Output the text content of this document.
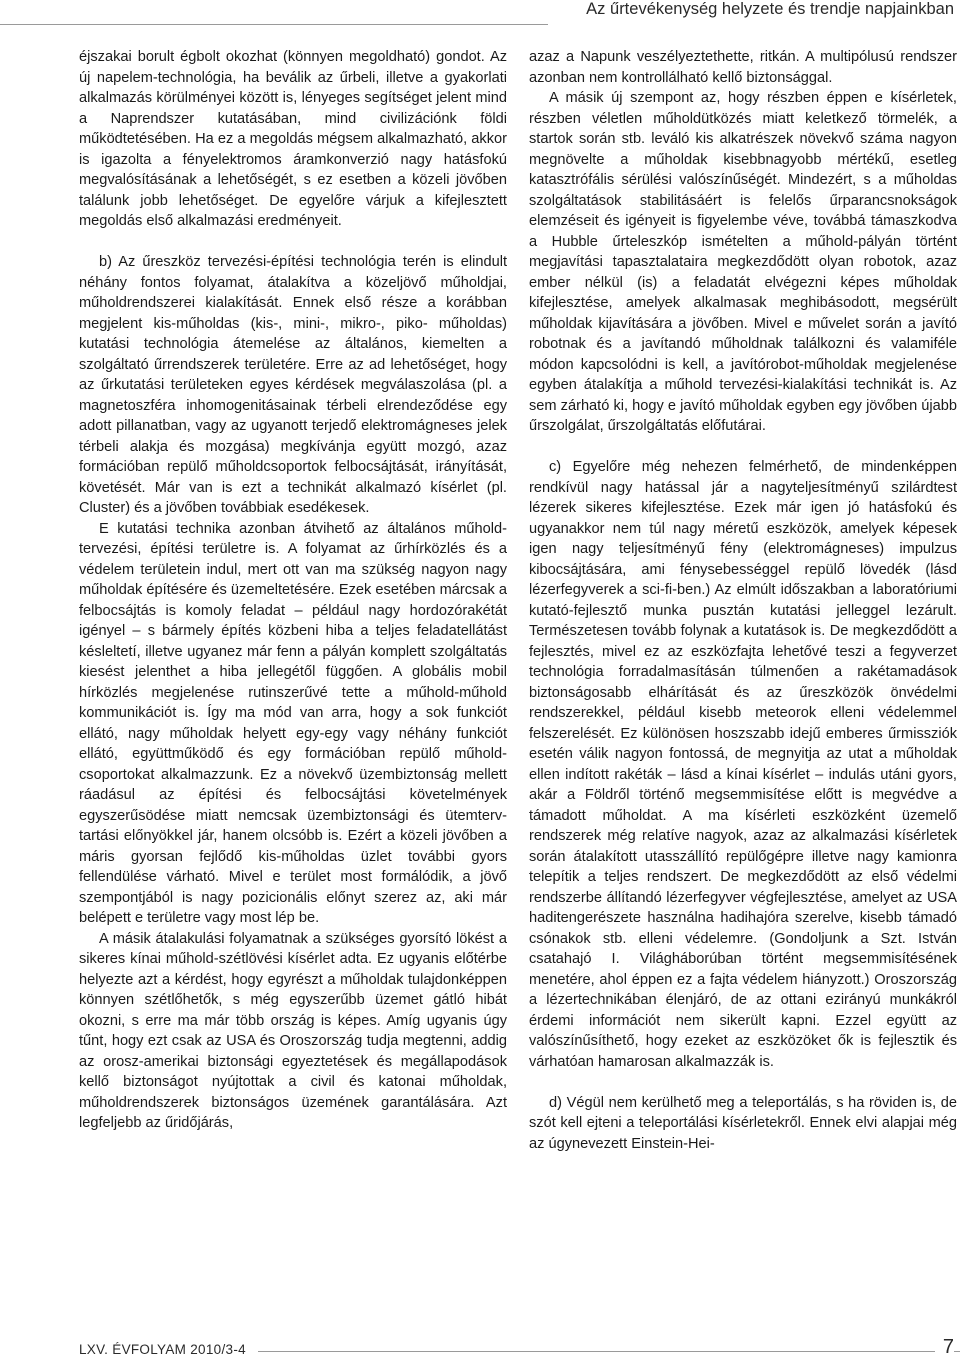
Az űrtevékenység helyzete és trendje napjainkban

éjszakai borult égbolt okozhat (könnyen megoldható) gondot. Az új napelem-technológia, ha beválik az űrbeli, illetve a gyakorlati alkalmazás körülményei között is, lényeges segítséget jelent mind a Naprendszer kutatásában, mind civilizációnk földi működtetésében. Ha ez a megoldás mégsem alkalmazható, akkor is igazolta a fényelektromos áramkonverzió nagy hatásfokú megvalósításának a lehetőségét, s ez esetben a közeli jövőben találunk jobb lehetőséget. De egyelőre várjuk a kifejlesztett megoldás első alkalmazási eredményeit.

b) Az űreszköz tervezési-építési technológia terén is elindult néhány fontos folyamat, átalakítva a közeljövő műholdjai, műholdrendszerei kialakítását. Ennek első része a korábban megjelent kis-műholdas (kis-, mini-, mikro-, piko- műholdas) kutatási technológia átemelése az általános, kiemelten a szolgáltató űrrendszerek területére. Erre az ad lehetőséget, hogy az űrkutatási területeken egyes kérdések megválaszolása (pl. a magnetoszféra inhomogenitásainak térbeli elrendeződése egy adott pillanatban, vagy az ugyanott terjedő elektromágneses jelek térbeli alakja és mozgása) megkívánja együtt mozgó, azaz formációban repülő műholdcsoportok felbocsájtását, irányítását, követését. Már van is ezt a technikát alkalmazó kísérlet (pl. Cluster) és a jövőben továbbiak esedékesek.

E kutatási technika azonban átvihető az általános műhold-tervezési, építési területre is. A folyamat az űrhírközlés és a védelem területein indul, mert ott van ma szükség nagyon nagy műholdak építésére és üzemeltetésére. Ezek esetében márcsak a felbocsájtás is komoly feladat – például nagy hordozórakétát igényel – s bármely építés közbeni hiba a teljes feladatellátást késleltetí, illetve ugyanez már fenn a pályán komplett szolgáltatás kiesést jelenthet a hiba jellegétől függően. A globális mobil hírközlés megjelenése rutinszerűvé tette a műhold-műhold kommunikációt is. Így ma mód van arra, hogy a sok funkciót ellátó, nagy műholdak helyett egy-egy vagy néhány funkciót ellátó, együttműködő és egy formációban repülő műhold-csoportokat alkalmazzunk. Ez a növekvő üzembiztonság mellett ráadásul az építési és felbocsájtási követelmények egyszerűsödése miatt nemcsak üzembiztonsági és ütemterv-tartási előnyökkel jár, hanem olcsóbb is. Ezért a közeli jövőben a máris gyorsan fejlődő kis-műholdas üzlet további gyors fellendülése várható. Mivel e terület most formálódik, a jövő szempontjából is nagy pozicionális előnyt szerez az, aki már belépett e területre vagy most lép be.

A másik átalakulási folyamatnak a szükséges gyorsító lökést a sikeres kínai műhold-szétlövési kísérlet adta. Ez ugyanis előtérbe helyezte azt a kérdést, hogy egyrészt a műholdak tulajdonképpen könnyen szétlőhetők, s még egyszerűbb üzemet gátló hibát okozni, s erre ma már több ország is képes. Amíg ugyanis úgy tűnt, hogy ezt csak az USA és Oroszország tudja megtenni, addig az orosz-amerikai biztonsági egyeztetések és megállapodások kellő biztonságot nyújtottak a civil és katonai műholdak, műholdrendszerek biztonságos üzemének garantálására. Azt legfeljebb az űridőjárás,

azaz a Napunk veszélyeztethette, ritkán. A multipólusú rendszer azonban nem kontrollálható kellő biztonsággal.

A másik új szempont az, hogy részben éppen e kísérletek, részben véletlen műholdütközés miatt keletkező törmelék, a startok során stb. leváló kis alkatrészek növekvő száma nagyon megnövelte a műholdak kisebbnagyobb mértékű, esetleg katasztrófális sérülési valószínűségét. Mindezért, s a műholdas szolgáltatások stabilitásáért is felelős űrparancsnokságok elemzéseit és igényeit is figyelembe véve, továbbá támaszkodva a Hubble űrteleszkóp ismételten a műhold-pályán történt megjavítási tapasztalataira megkezdődött olyan robotok, azaz ember nélkül (is) a feladatát elvégezni képes műholdak kifejlesztése, amelyek alkalmasak meghibásodott, megsérült műholdak kijavítására a jövőben. Mivel e művelet során a javító robotnak és a javítandó műholdnak találkozni és valamiféle módon kapcsolódni is kell, a javítórobot-műholdak megjelenése egyben átalakítja a műhold tervezési-kialakítási technikát is. Az sem zárható ki, hogy e javító műholdak egyben egy jövőben újabb űrszolgálat, űrszolgáltatás előfutárai.

c) Egyelőre még nehezen felmérhető, de mindenképpen rendkívül nagy hatással jár a nagyteljesítményű szilárdtest lézerek sikeres kifejlesztése. Ezek már igen jó hatásfokú és ugyanakkor nem túl nagy méretű eszközök, amelyek képesek igen nagy teljesítményű fény (elektromágneses) impulzus kibocsájtására, ami fénysebességgel repülő lövedék (lásd lézerfegyverek a sci-fi-ben.) Az elmúlt időszakban a laboratóriumi kutató-fejlesztő munka pusztán kutatási jelleggel lezárult. Természetesen tovább folynak a kutatások is. De megkezdődött a fejlesztés, mivel ez az eszközfajta lehetővé teszi a fegyverzet technológia forradalmasításán túlmenően a rakétamadások biztonságosabb elhárítását és az űreszközök önvédelmi rendszerekkel, például kisebb meteorok elleni védelemmel felszerelését. Ez különösen hoszszabb idejű emberes űrmissziók esetén válik nagyon fontossá, de megnyitja az utat a műholdak ellen indított rakéták – lásd a kínai kísérlet – indulás utáni gyors, akár a Földről történő megsemmisítése előtt is megvédve a támadott műholdat. A ma kísérleti eszközként üzemelő rendszerek még relatíve nagyok, azaz az alkalmazási kísérletek során átalakított utasszállító repülőgépre illetve nagy kamionra telepítik a teljes rendszert. De megkezdődött az első védelmi rendszerbe állítandó lézerfegyver végfejlesztése, amelyet az USA haditengerészete használna hadihajóra szerelve, kisebb támadó csónakok stb. elleni védelemre. (Gondoljunk a Szt. István csatahajó I. Világháborúban történt megsemmisítésének menetére, ahol éppen ez a fajta védelem hiányzott.) Oroszország a lézertechnikában élenjáró, de az ottani ezirányú munkákról érdemi információt nem sikerült kapni. Ezzel együtt az valószínűsíthető, hogy ezeket az eszközöket ők is fejlesztik és várhatóan hamarosan alkalmazzák is.

d) Végül nem kerülhető meg a teleportálás, s ha röviden is, de szót kell ejteni a teleportálási kísérletekről. Ennek elvi alapjai még az úgynevezett Einstein-Hei-

LXV. ÉVFOLYAM 2010/3-4	7
